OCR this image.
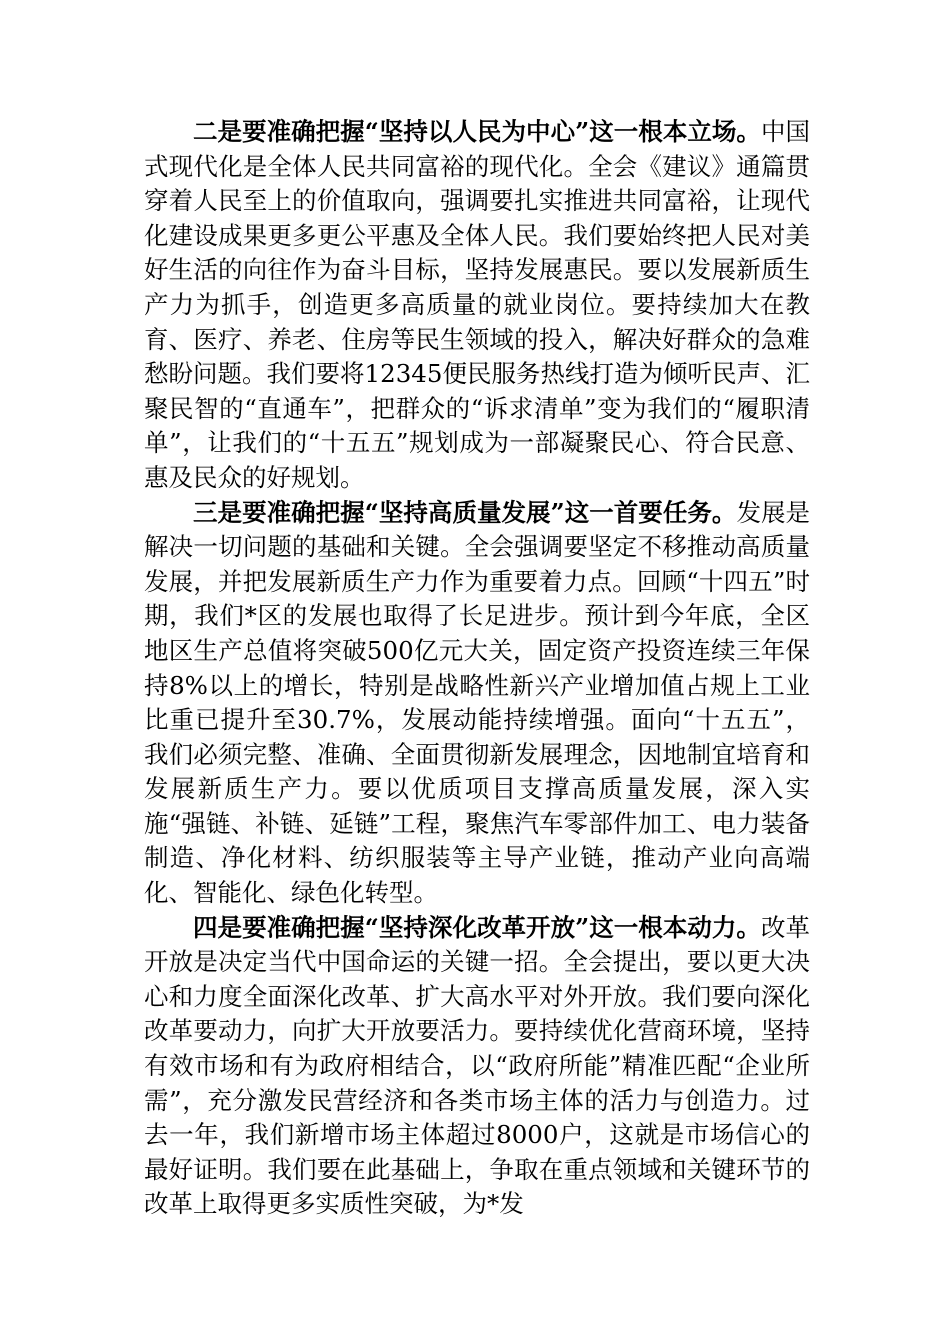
二是要准确把握“坚持以人民为中心”这一根本立场。中国式现代化是全体人民共同富裕的现代化。全会《建议》通篇贯穿着人民至上的价值取向，强调要扎实推进共同富裕，让现代化建设成果更多更公平惠及全体人民。我们要始终把人民对美好生活的向往作为奋斗目标，坚持发展惠民。要以发展新质生产力为抓手，创造更多高质量的就业岗位。要持续加大在教育、医疗、养老、住房等民生领域的投入，解决好群众的急难愁盼问题。我们要将12345便民服务热线打造为倾听民声、汇聚民智的“直通车”，把群众的“诉求清单”变为我们的“履职清单”，让我们的“十五五”规划成为一部凝聚民心、符合民意、惠及民众的好规划。

三是要准确把握“坚持高质量发展”这一首要任务。发展是解决一切问题的基础和关键。全会强调要坚定不移推动高质量发展，并把发展新质生产力作为重要着力点。回顾“十四五”时期，我们*区的发展也取得了长足进步。预计到今年底，全区地区生产总值将突破500亿元大关，固定资产投资连续三年保持8%以上的增长，特别是战略性新兴产业增加值占规上工业比重已提升至30.7%，发展动能持续增强。面向“十五五”，我们必须完整、准确、全面贯彻新发展理念，因地制宜培育和发展新质生产力。要以优质项目支撑高质量发展，深入实施“强链、补链、延链”工程，聚焦汽车零部件加工、电力装备制造、净化材料、纺织服装等主导产业链，推动产业向高端化、智能化、绿色化转型。

四是要准确把握“坚持深化改革开放”这一根本动力。改革开放是决定当代中国命运的关键一招。全会提出，要以更大决心和力度全面深化改革、扩大高水平对外开放。我们要向深化改革要动力，向扩大开放要活力。要持续优化营商环境，坚持有效市场和有为政府相结合，以“政府所能”精准匹配“企业所需”，充分激发民营经济和各类市场主体的活力与创造力。过去一年，我们新增市场主体超过8000户，这就是市场信心的最好证明。我们要在此基础上，争取在重点领域和关键环节的改革上取得更多实质性突破，为*发
